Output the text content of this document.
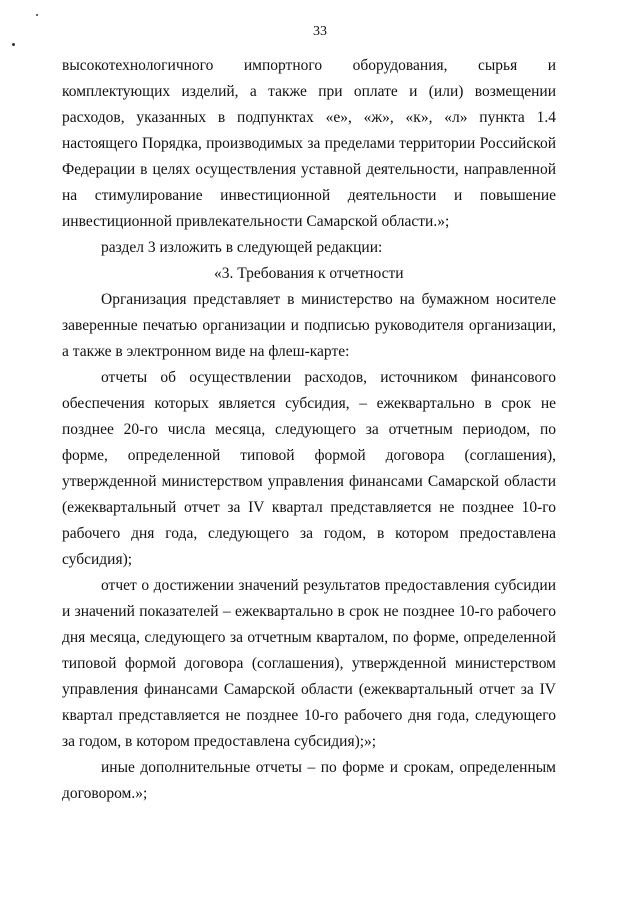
33

высокотехнологичного импортного оборудования, сырья и комплектующих изделий, а также при оплате и (или) возмещении расходов, указанных в подпунктах «е», «ж», «к», «л» пункта 1.4 настоящего Порядка, производимых за пределами территории Российской Федерации в целях осуществления уставной деятельности, направленной на стимулирование инвестиционной деятельности и повышение инвестиционной привлекательности Самарской области.»;

раздел 3 изложить в следующей редакции:

«3. Требования к отчетности

Организация представляет в министерство на бумажном носителе заверенные печатью организации и подписью руководителя организации, а также в электронном виде на флеш-карте:

отчеты об осуществлении расходов, источником финансового обеспечения которых является субсидия, – ежеквартально в срок не позднее 20-го числа месяца, следующего за отчетным периодом, по форме, определенной типовой формой договора (соглашения), утвержденной министерством управления финансами Самарской области (ежеквартальный отчет за IV квартал представляется не позднее 10-го рабочего дня года, следующего за годом, в котором предоставлена субсидия);

отчет о достижении значений результатов предоставления субсидии и значений показателей – ежеквартально в срок не позднее 10-го рабочего дня месяца, следующего за отчетным кварталом, по форме, определенной типовой формой договора (соглашения), утвержденной министерством управления финансами Самарской области (ежеквартальный отчет за IV квартал представляется не позднее 10-го рабочего дня года, следующего за годом, в котором предоставлена субсидия);»;

иные дополнительные отчеты – по форме и срокам, определенным договором.»;
